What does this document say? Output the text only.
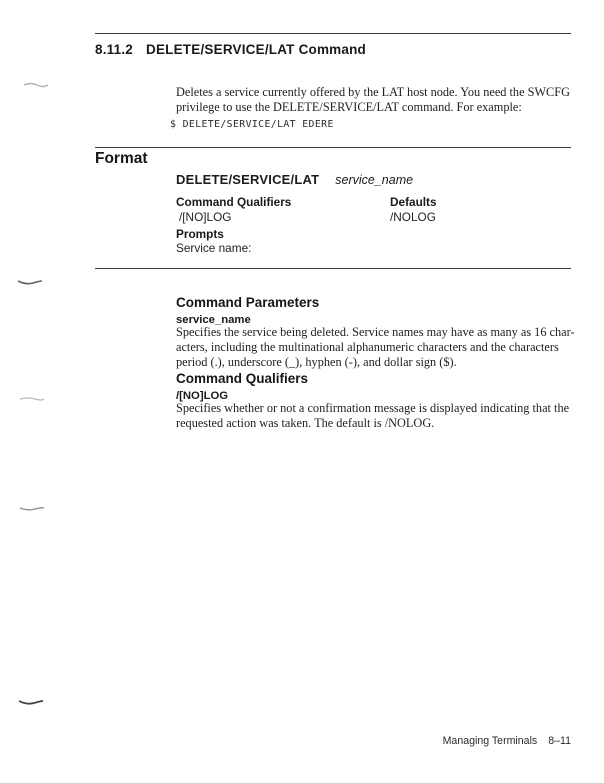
8.11.2 DELETE/SERVICE/LAT Command
Deletes a service currently offered by the LAT host node. You need the SWCFG
privilege to use the DELETE/SERVICE/LAT command. For example:
$ DELETE/SERVICE/LAT EDERE
Format
DELETE/SERVICE/LAT service_name
Command Qualifiers	Defaults
/[NO]LOG	/NOLOG
Prompts
Service name:
Command Parameters
service_name
Specifies the service being deleted. Service names may have as many as 16 char-
acters, including the multinational alphanumeric characters and the characters
period (.), underscore (_), hyphen (-), and dollar sign ($).
Command Qualifiers
/[NO]LOG
Specifies whether or not a confirmation message is displayed indicating that the
requested action was taken. The default is /NOLOG.
Managing Terminals 8–11
